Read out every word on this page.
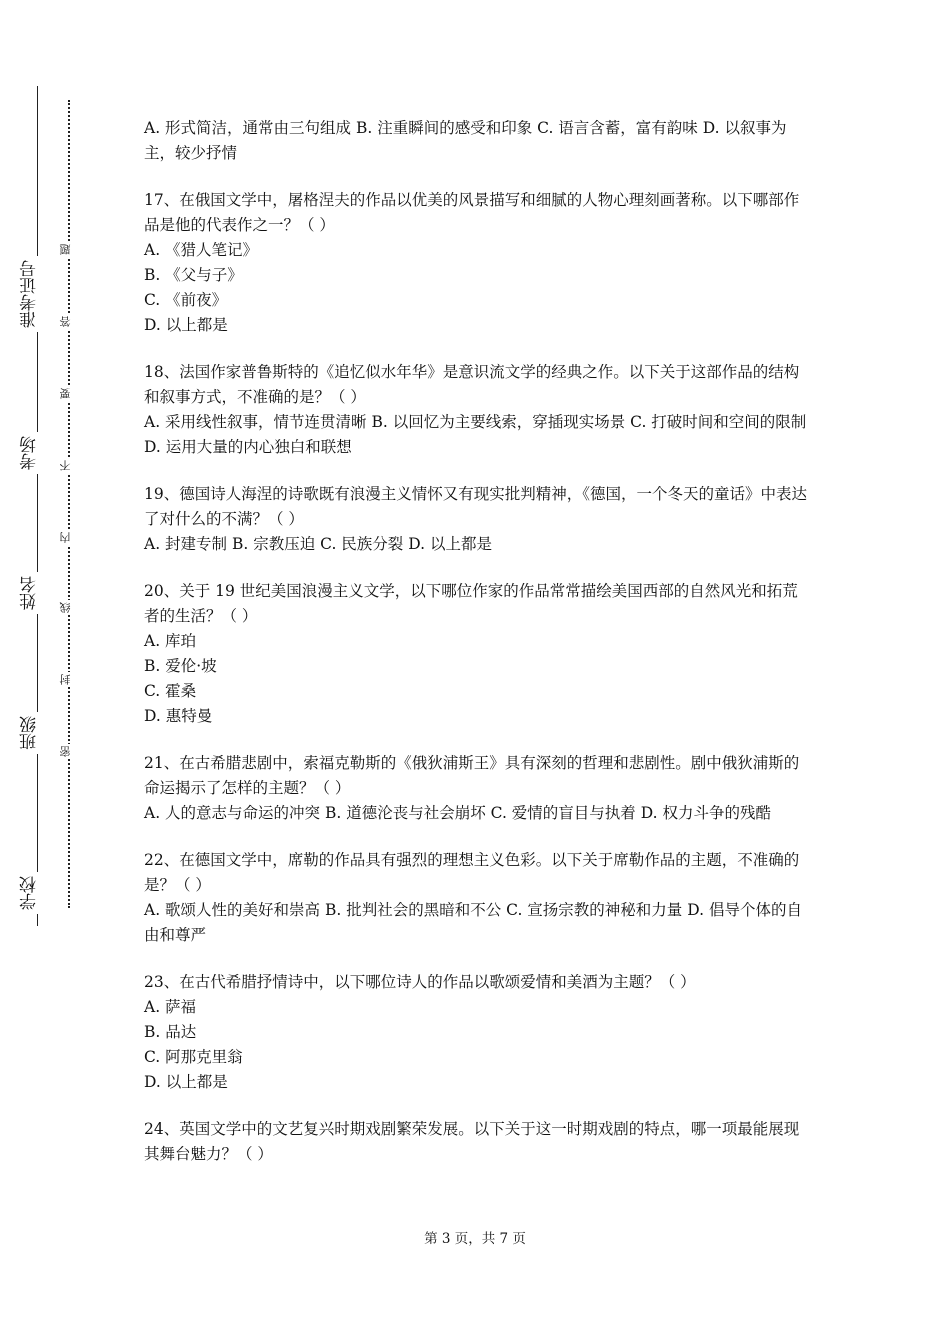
准考证号
考场
姓名
班级
学校
密
封
线
内
不
要
答
题

A. 形式简洁，通常由三句组成 B. 注重瞬间的感受和印象 C. 语言含蓄，富有韵味 D. 以叙事为主，较少抒情

17、在俄国文学中，屠格涅夫的作品以优美的风景描写和细腻的人物心理刻画著称。以下哪部作品是他的代表作之一？（ ）

A. 《猎人笔记》

B. 《父与子》

C. 《前夜》

D. 以上都是

18、法国作家普鲁斯特的《追忆似水年华》是意识流文学的经典之作。以下关于这部作品的结构和叙事方式，不准确的是？（ ）

A. 采用线性叙事，情节连贯清晰 B. 以回忆为主要线索，穿插现实场景 C. 打破时间和空间的限制 D. 运用大量的内心独白和联想

19、德国诗人海涅的诗歌既有浪漫主义情怀又有现实批判精神，《德国，一个冬天的童话》中表达了对什么的不满？（ ）

A. 封建专制 B. 宗教压迫 C. 民族分裂 D. 以上都是

20、关于 19 世纪美国浪漫主义文学，以下哪位作家的作品常常描绘美国西部的自然风光和拓荒者的生活？（ ）

A. 库珀

B. 爱伦·坡

C. 霍桑

D. 惠特曼

21、在古希腊悲剧中，索福克勒斯的《俄狄浦斯王》具有深刻的哲理和悲剧性。剧中俄狄浦斯的命运揭示了怎样的主题？（ ）

A. 人的意志与命运的冲突 B. 道德沦丧与社会崩坏 C. 爱情的盲目与执着 D. 权力斗争的残酷

22、在德国文学中，席勒的作品具有强烈的理想主义色彩。以下关于席勒作品的主题，不准确的是？（ ）

A. 歌颂人性的美好和崇高 B. 批判社会的黑暗和不公 C. 宣扬宗教的神秘和力量 D. 倡导个体的自由和尊严

23、在古代希腊抒情诗中，以下哪位诗人的作品以歌颂爱情和美酒为主题？（ ）

A. 萨福

B. 品达

C. 阿那克里翁

D. 以上都是

24、英国文学中的文艺复兴时期戏剧繁荣发展。以下关于这一时期戏剧的特点，哪一项最能展现其舞台魅力？（ ）

第 3 页，共 7 页
